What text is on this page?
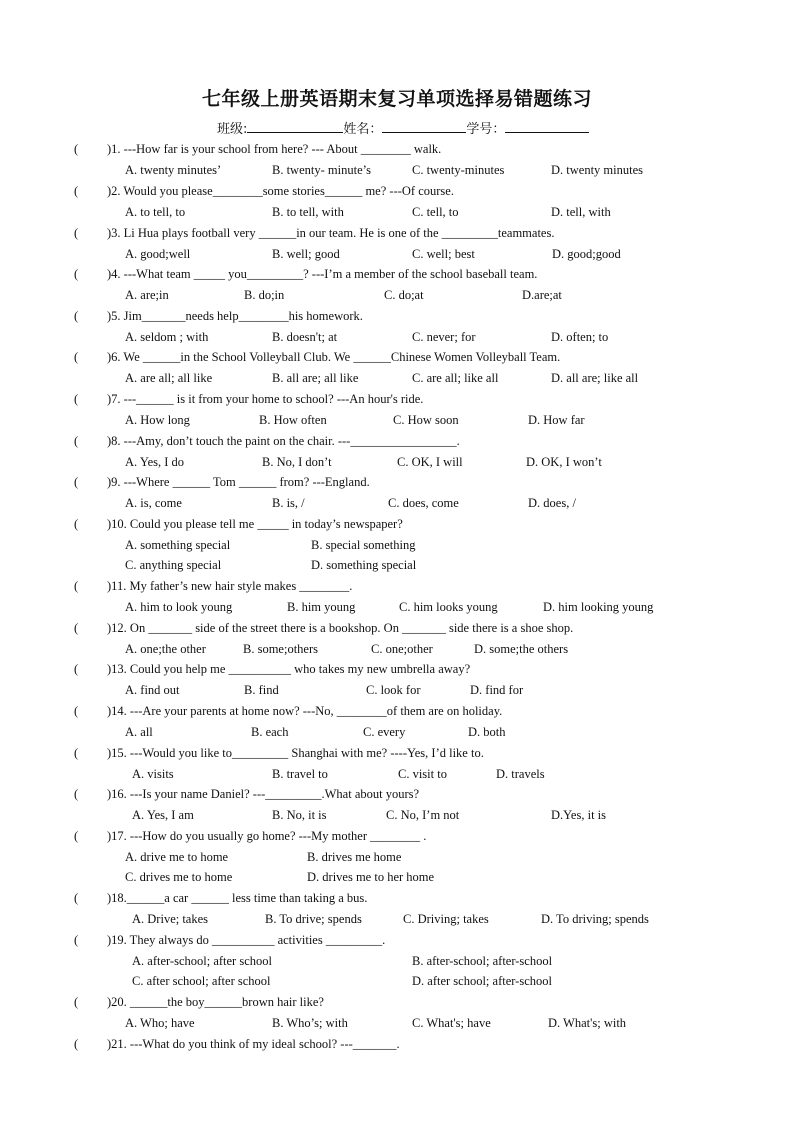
七年级上册英语期末复习单项选择易错题练习
班级:	姓名：	学号：
( )1. ---How far is your school from here? --- About ________ walk.
A. twenty minutes’	B. twenty- minute’s	C. twenty-minutes	D. twenty minutes
( )2. Would you please________some stories______ me? ---Of course.
A. to tell, to	B. to tell, with	C. tell, to	D. tell, with
( )3. Li Hua plays football very ______in our team. He is one of the _________teammates.
A. good;well	B. well; good	C. well; best	D. good;good
( )4. ---What team _____ you_________? ---I’m a member of the school baseball team.
A. are;in	B. do;in	C. do;at	D.are;at
( )5. Jim_______needs help________his homework.
A. seldom ; with	B. doesn't; at	C. never; for	D. often; to
( )6. We ______in the School Volleyball Club. We ______Chinese Women Volleyball Team.
A. are all; all like	B. all are; all like	C. are all; like all	D. all are; like all
( )7. ---______ is it from your home to school? ---An hour's ride.
A. How long	B. How often	C. How soon	D. How far
( )8. ---Amy, don’t touch the paint on the chair. ---_________________.
A. Yes, I do	B. No, I don’t	C. OK, I will	D. OK, I won’t
( )9. ---Where ______ Tom ______ from? ---England.
A. is, come	B. is, /	C. does, come	D. does, /
( )10. Could you please tell me _____ in today’s newspaper?
A. something special	B. special something
C. anything special	D. something special
( )11. My father’s new hair style makes ________.
A. him to look young	B. him young	C. him looks young	D. him looking young
( )12. On _______ side of the street there is a bookshop. On _______ side there is a shoe shop.
A. one;the other	B. some;others	C. one;other	D. some;the others
( )13. Could you help me __________ who takes my new umbrella away?
A. find out	B. find	C. look for	D. find for
( )14. ---Are your parents at home now? ---No, ________of them are on holiday.
A. all	B. each	C. every	D. both
( )15. ---Would you like to_________ Shanghai with me? ----Yes, I’d like to.
A. visits	B. travel to	C. visit to	D. travels
( )16. ---Is your name Daniel? ---_________.What about yours?
A. Yes, I am	B. No, it is	C. No, I’m not	D.Yes, it is
( )17. ---How do you usually go home? ---My mother ________ .
A. drive me to home	B. drives me home
C. drives me to home	D. drives me to her home
( )18.______a car ______ less time than taking a bus.
A. Drive; takes	B. To drive; spends	C. Driving; takes	D. To driving; spends
( )19. They always do __________ activities _________.
A. after-school; after school	B. after-school; after-school
C. after school; after school	D. after school; after-school
( )20. ______the boy______brown hair like?
A. Who; have	B. Who’s; with	C. What's; have	D. What's; with
( )21. ---What do you think of my ideal school? ---_______.
